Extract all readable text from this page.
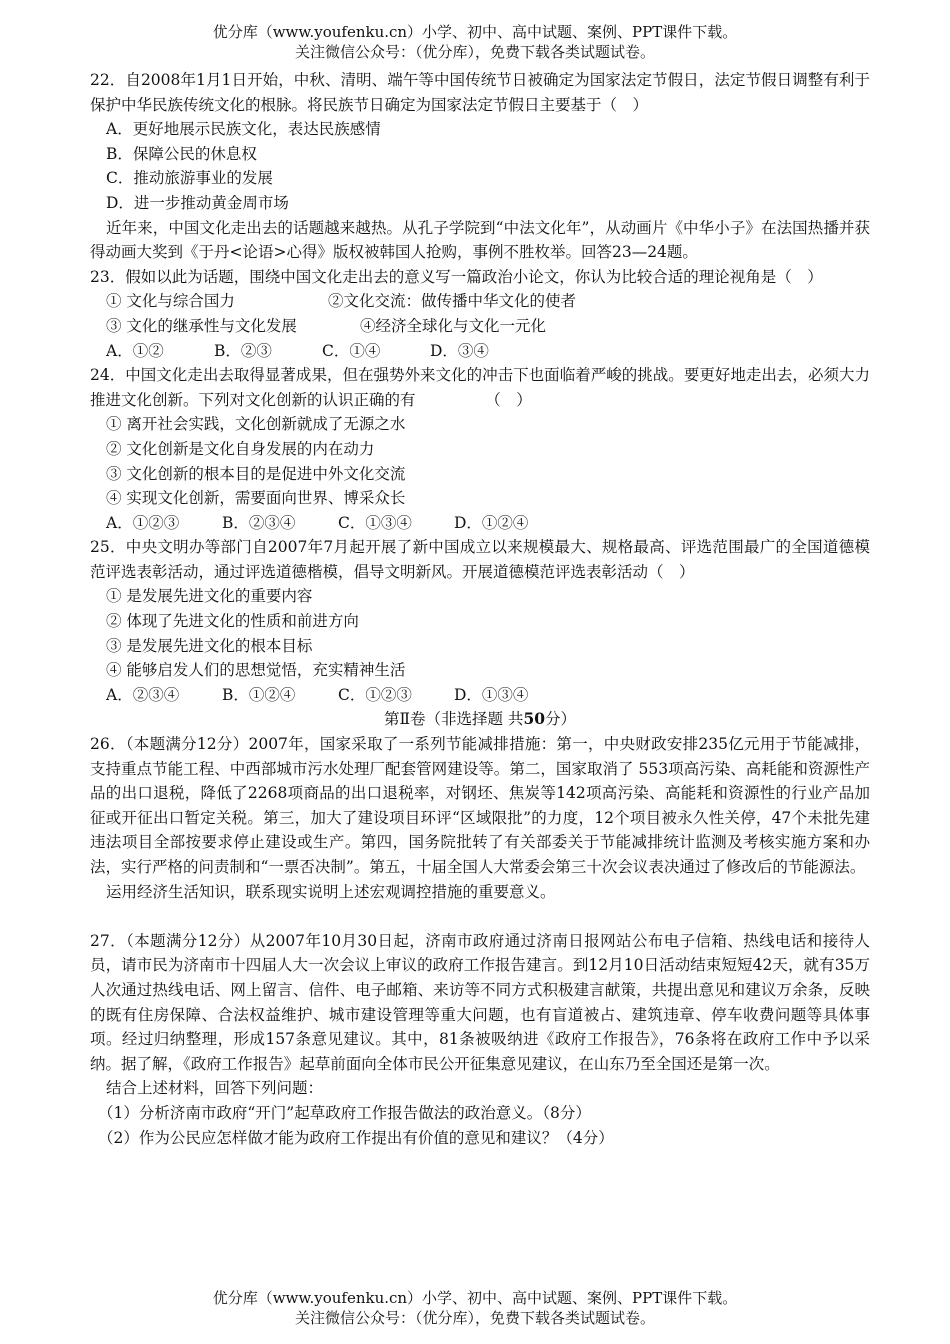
优分库（www.youfenku.cn）小学、初中、高中试题、案例、PPT课件下载。
关注微信公众号：（优分库），免费下载各类试题试卷。

22．自2008年1月1日开始，中秋、清明、端午等中国传统节日被确定为国家法定节假日，法定节假日调整有利于保护中华民族传统文化的根脉。将民族节日确定为国家法定节假日主要基于（　）

A．更好地展示民族文化，表达民族感情

B．保障公民的休息权

C．推动旅游事业的发展

D．进一步推动黄金周市场

近年来，中国文化走出去的话题越来越热。从孔子学院到“中法文化年”，从动画片《中华小子》在法国热播并获得动画大奖到《于丹<论语>心得》版权被韩国人抢购，事例不胜枚举。回答23—24题。

23．假如以此为话题，围绕中国文化走出去的意义写一篇政治小论文，你认为比较合适的理论视角是（　）

① 文化与综合国力	②文化交流：做传播中华文化的使者
③ 文化的继承性与文化发展	④经济全球化与文化一元化
A．①②	B．②③	C．①④	D．③④

24．中国文化走出去取得显著成果，但在强势外来文化的冲击下也面临着严峻的挑战。要更好地走出去，必须大力推进文化创新。下列对文化创新的认识正确的有　　　　　（　）

① 离开社会实践，文化创新就成了无源之水

② 文化创新是文化自身发展的内在动力

③ 文化创新的根本目的是促进中外文化交流

④ 实现文化创新，需要面向世界、博采众长

A．①②③	B．②③④	C．①③④	D．①②④

25．中央文明办等部门自2007年7月起开展了新中国成立以来规模最大、规格最高、评选范围最广的全国道德模范评选表彰活动，通过评选道德楷模，倡导文明新风。开展道德模范评选表彰活动（　）

① 是发展先进文化的重要内容

② 体现了先进文化的性质和前进方向

③ 是发展先进文化的根本目标

④ 能够启发人们的思想觉悟，充实精神生活

A．②③④	B．①②④	C．①②③	D．①③④

第Ⅱ卷（非选择题 共50分）

26．（本题满分12分）2007年，国家采取了一系列节能减排措施：第一，中央财政安排235亿元用于节能减排，支持重点节能工程、中西部城市污水处理厂配套管网建设等。第二，国家取消了 553项高污染、高耗能和资源性产品的出口退税，降低了2268项商品的出口退税率，对钢坯、焦炭等142项高污染、高能耗和资源性的行业产品加征或开征出口暂定关税。第三，加大了建设项目环评“区域限批”的力度，12个项目被永久性关停，47个未批先建违法项目全部按要求停止建设或生产。第四，国务院批转了有关部委关于节能减排统计监测及考核实施方案和办法，实行严格的问责制和“一票否决制”。第五，十届全国人大常委会第三十次会议表决通过了修改后的节能源法。

运用经济生活知识，联系现实说明上述宏观调控措施的重要意义。

27．（本题满分12分）从2007年10月30日起，济南市政府通过济南日报网站公布电子信箱、热线电话和接待人员，请市民为济南市十四届人大一次会议上审议的政府工作报告建言。到12月10日活动结束短短42天，就有35万人次通过热线电话、网上留言、信件、电子邮箱、来访等不同方式积极建言献策，共提出意见和建议万余条，反映的既有住房保障、合法权益维护、城市建设管理等重大问题，也有盲道被占、建筑违章、停车收费问题等具体事项。经过归纳整理，形成157条意见建议。其中，81条被吸纳进《政府工作报告》，76条将在政府工作中予以采纳。据了解，《政府工作报告》起草前面向全体市民公开征集意见建议，在山东乃至全国还是第一次。

结合上述材料，回答下列问题：

（1）分析济南市政府“开门”起草政府工作报告做法的政治意义。（8分）

（2）作为公民应怎样做才能为政府工作提出有价值的意见和建议？（4分）

优分库（www.youfenku.cn）小学、初中、高中试题、案例、PPT课件下载。
关注微信公众号：（优分库），免费下载各类试题试卷。
